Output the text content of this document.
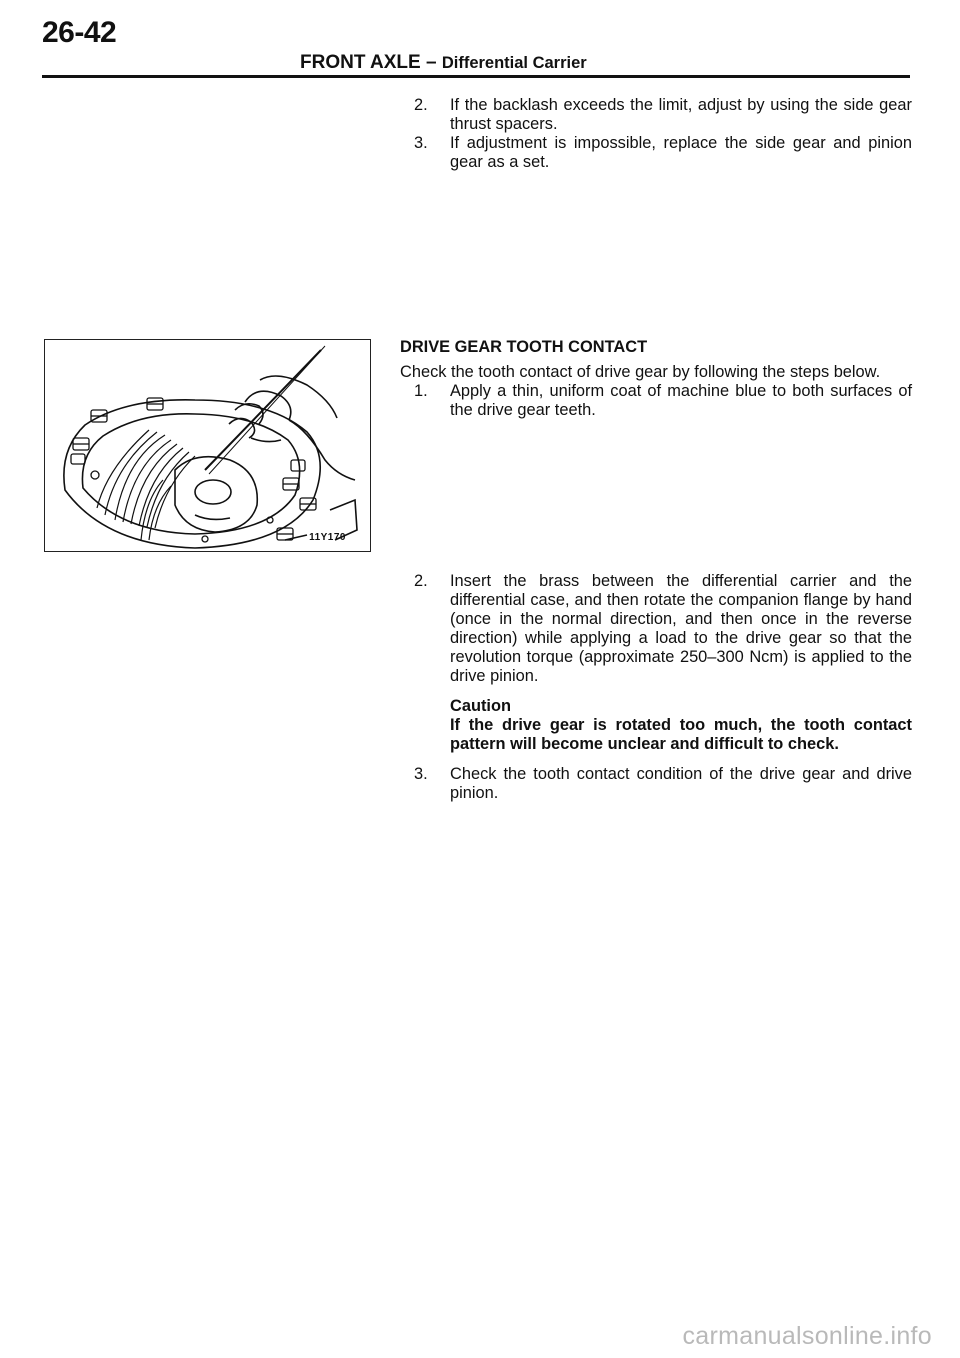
26-42
FRONT AXLE – Differential Carrier
2. If the backlash exceeds the limit, adjust by using the side gear thrust spacers.
3. If adjustment is impossible, replace the side gear and pinion gear as a set.
11Y170
DRIVE GEAR TOOTH CONTACT
Check the tooth contact of drive gear by following the steps below.
1. Apply a thin, uniform coat of machine blue to both surfaces of the drive gear teeth.
2. Insert the brass between the differential carrier and the differential case, and then rotate the companion flange by hand (once in the normal direction, and then once in the reverse direction) while applying a load to the drive gear so that the revolution torque (approximate 250–300 Ncm) is applied to the drive pinion.
Caution
If the drive gear is rotated too much, the tooth contact pattern will become unclear and difficult to check.
3. Check the tooth contact condition of the drive gear and drive pinion.
carmanualsonline.info
